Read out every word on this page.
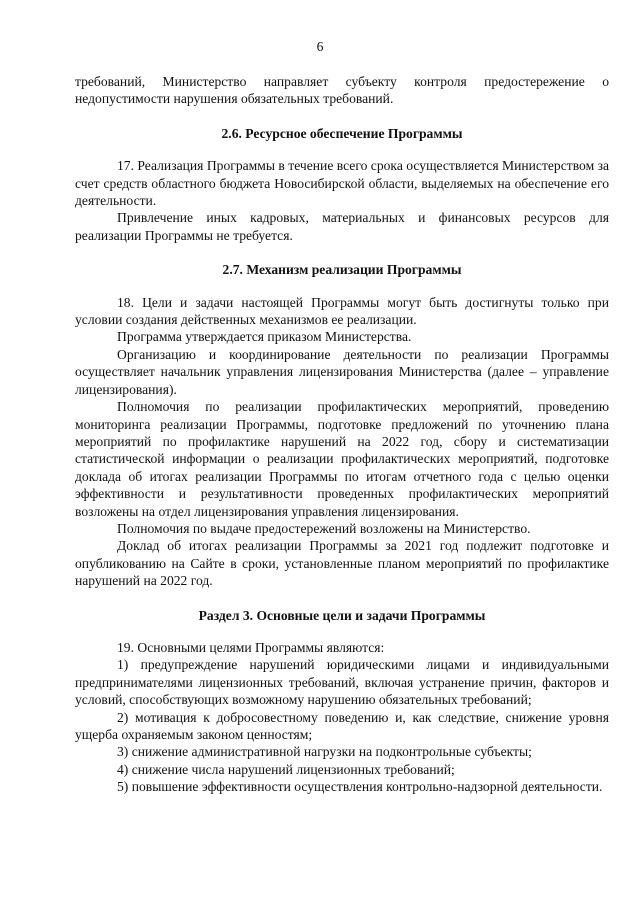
6

требований, Министерство направляет субъекту контроля предостережение о недопустимости нарушения обязательных требований.

2.6. Ресурсное обеспечение Программы

17. Реализация Программы в течение всего срока осуществляется Министерством за счет средств областного бюджета Новосибирской области, выделяемых на обеспечение его деятельности.

Привлечение иных кадровых, материальных и финансовых ресурсов для реализации Программы не требуется.

2.7. Механизм реализации Программы

18. Цели и задачи настоящей Программы могут быть достигнуты только при условии создания действенных механизмов ее реализации.

Программа утверждается приказом Министерства.

Организацию и координирование деятельности по реализации Программы осуществляет начальник управления лицензирования Министерства (далее – управление лицензирования).

Полномочия по реализации профилактических мероприятий, проведению мониторинга реализации Программы, подготовке предложений по уточнению плана мероприятий по профилактике нарушений на 2022 год, сбору и систематизации статистической информации о реализации профилактических мероприятий, подготовке доклада об итогах реализации Программы по итогам отчетного года с целью оценки эффективности и результативности проведенных профилактических мероприятий возложены на отдел лицензирования управления лицензирования.

Полномочия по выдаче предостережений возложены на Министерство.

Доклад об итогах реализации Программы за 2021 год подлежит подготовке и опубликованию на Сайте в сроки, установленные планом мероприятий по профилактике нарушений на 2022 год.

Раздел 3. Основные цели и задачи Программы

19. Основными целями Программы являются:

1) предупреждение нарушений юридическими лицами и индивидуальными предпринимателями лицензионных требований, включая устранение причин, факторов и условий, способствующих возможному нарушению обязательных требований;

2) мотивация к добросовестному поведению и, как следствие, снижение уровня ущерба охраняемым законом ценностям;

3) снижение административной нагрузки на подконтрольные субъекты;

4) снижение числа нарушений лицензионных требований;

5) повышение эффективности осуществления контрольно-надзорной деятельности.
